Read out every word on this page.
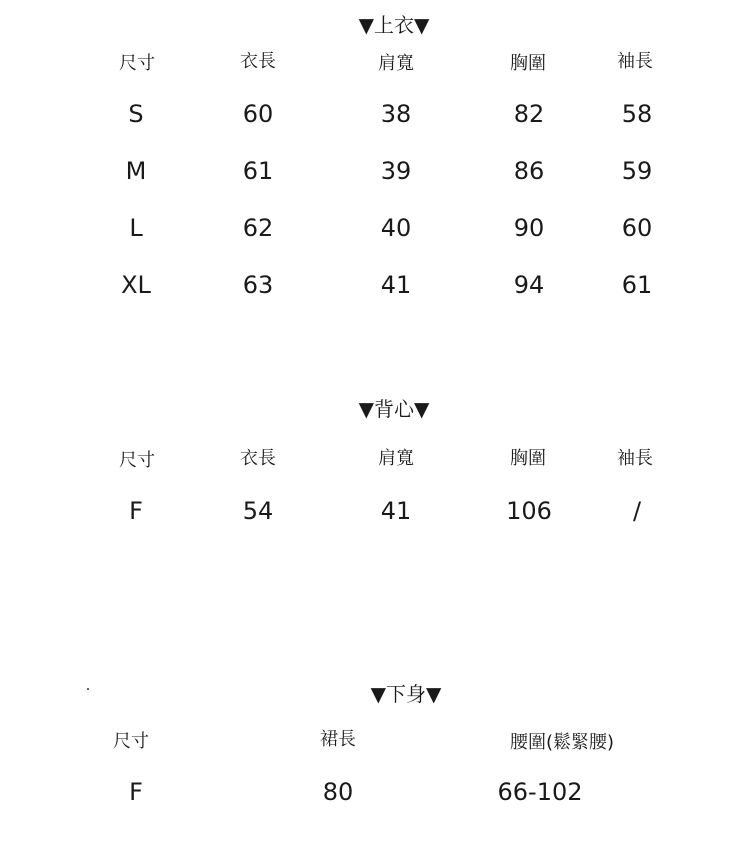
▼上衣▼
尺寸	衣長	肩寬	胸圍	袖長
S	60	38	82	58
M	61	39	86	59
L	62	40	90	60
XL	63	41	94	61
▼背心▼
尺寸	衣長	肩寬	胸圍	袖長
F	54	41	106	/
▼下身▼
尺寸	裙長	腰圍(鬆緊腰)
F	80	66-102
